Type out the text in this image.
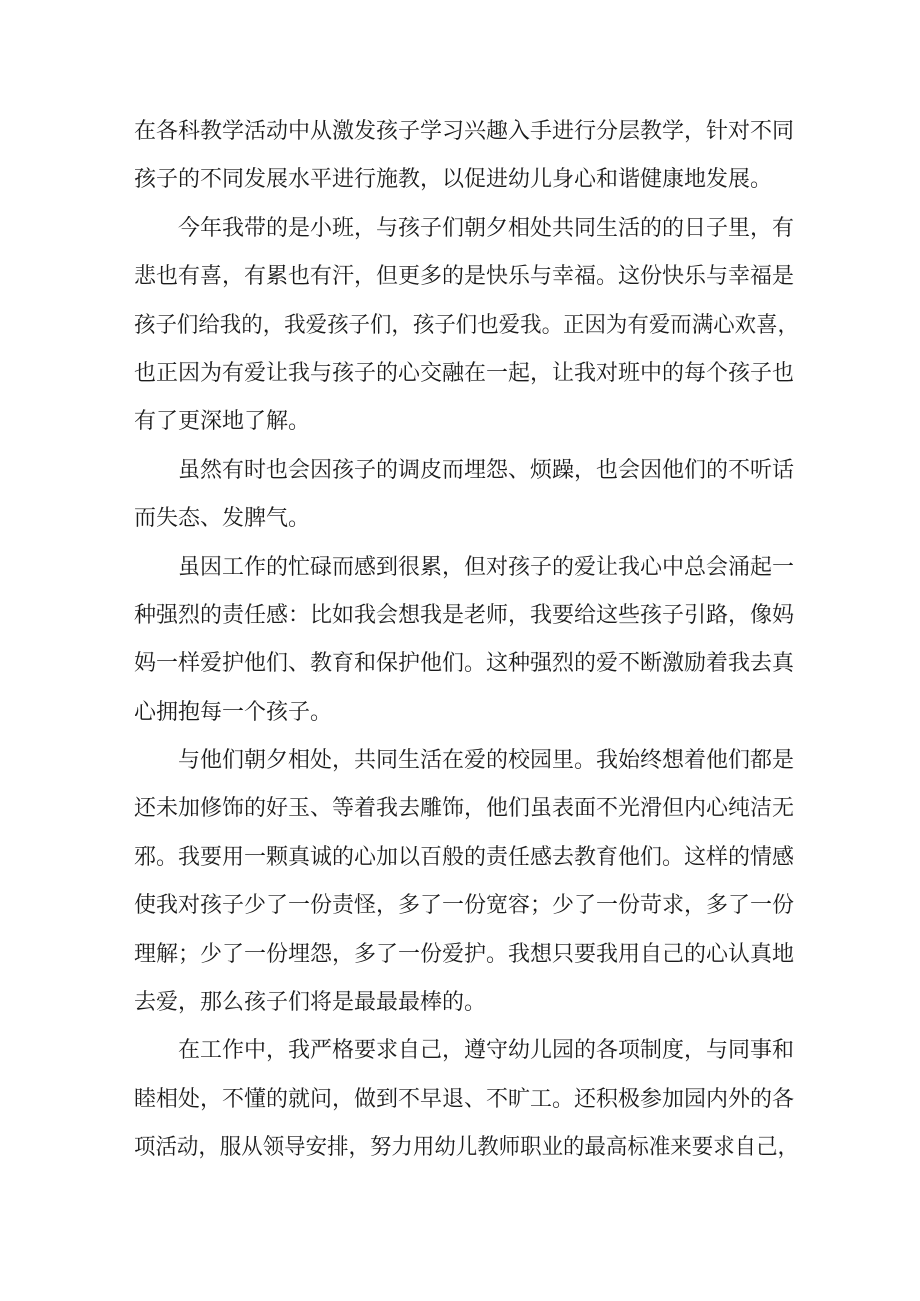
在各科教学活动中从激发孩子学习兴趣入手进行分层教学，针对不同
孩子的不同发展水平进行施教，以促进幼儿身心和谐健康地发展。
　　今年我带的是小班，与孩子们朝夕相处共同生活的的日子里，有
悲也有喜，有累也有汗，但更多的是快乐与幸福。这份快乐与幸福是
孩子们给我的，我爱孩子们，孩子们也爱我。正因为有爱而满心欢喜，
也正因为有爱让我与孩子的心交融在一起，让我对班中的每个孩子也
有了更深地了解。
　　虽然有时也会因孩子的调皮而埋怨、烦躁，也会因他们的不听话
而失态、发脾气。
　　虽因工作的忙碌而感到很累，但对孩子的爱让我心中总会涌起一
种强烈的责任感：比如我会想我是老师，我要给这些孩子引路，像妈
妈一样爱护他们、教育和保护他们。这种强烈的爱不断激励着我去真
心拥抱每一个孩子。
　　与他们朝夕相处，共同生活在爱的校园里。我始终想着他们都是
还未加修饰的好玉、等着我去雕饰，他们虽表面不光滑但内心纯洁无
邪。我要用一颗真诚的心加以百般的责任感去教育他们。这样的情感
使我对孩子少了一份责怪，多了一份宽容；少了一份苛求，多了一份
理解；少了一份埋怨，多了一份爱护。我想只要我用自己的心认真地
去爱，那么孩子们将是最最最棒的。
　　在工作中，我严格要求自己，遵守幼儿园的各项制度，与同事和
睦相处，不懂的就问，做到不早退、不旷工。还积极参加园内外的各
项活动，服从领导安排，努力用幼儿教师职业的最高标准来要求自己，
